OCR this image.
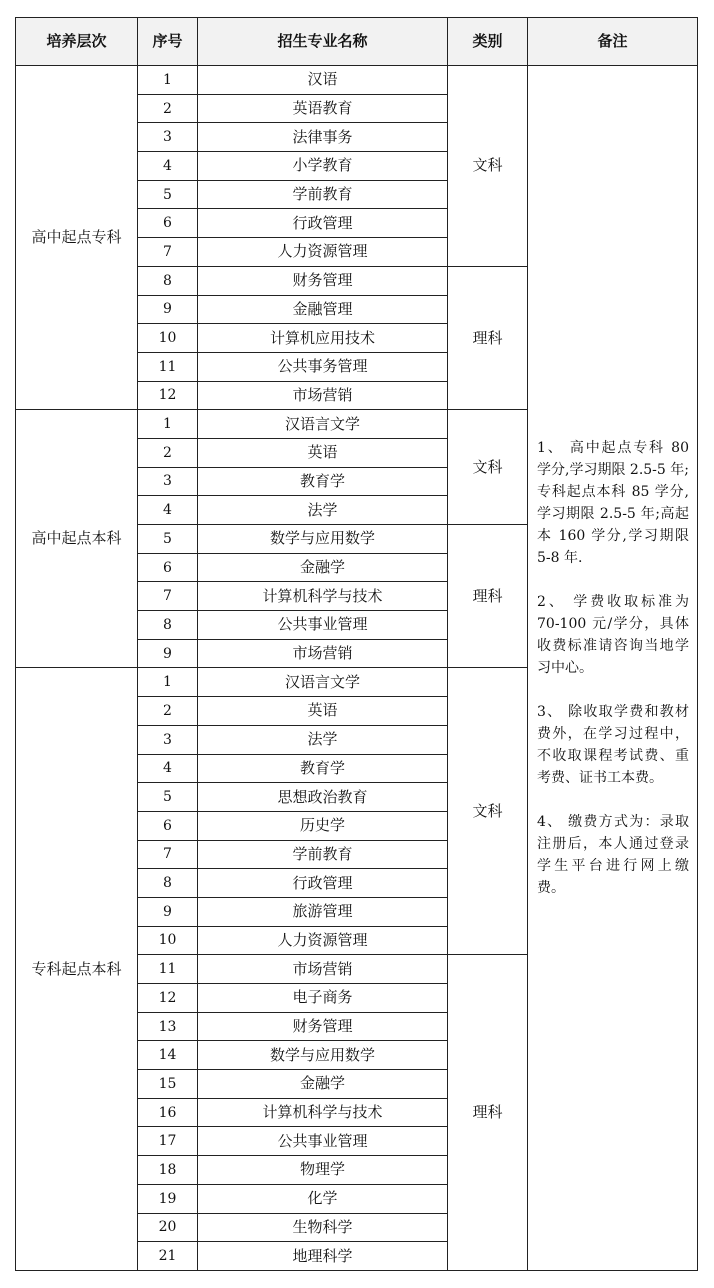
培养层次	序号	招生专业名称	类别	备注
高中起点专科	1	汉语	文科	1、 高中起点专科 80 学分,学习期限 2.5-5 年;专科起点本科 85 学分,学习期限 2.5-5 年;高起本 160 学分,学习期限 5-8 年.

2、 学费收取标准为 70-100 元/学分，具体收费标准请咨询当地学习中心。

3、 除收取学费和教材费外，在学习过程中，不收取课程考试费、重考费、证书工本费。

4、 缴费方式为：录取注册后，本人通过登录学生平台进行网上缴费。

	2	英语教育		
	3	法律事务		
	4	小学教育		
	5	学前教育		
	6	行政管理		
	7	人力资源管理		
	8	财务管理	理科	
	9	金融管理		
	10	计算机应用技术		
	11	公共事务管理		
	12	市场营销		
高中起点本科	1	汉语言文学	文科	
	2	英语		
	3	教育学		
	4	法学		
	5	数学与应用数学	理科	
	6	金融学		
	7	计算机科学与技术		
	8	公共事业管理		
	9	市场营销		
专科起点本科	1	汉语言文学	文科	
	2	英语		
	3	法学		
	4	教育学		
	5	思想政治教育		
	6	历史学		
	7	学前教育		
	8	行政管理		
	9	旅游管理		
	10	人力资源管理		
	11	市场营销	理科	
	12	电子商务		
	13	财务管理		
	14	数学与应用数学		
	15	金融学		
	16	计算机科学与技术		
	17	公共事业管理		
	18	物理学		
	19	化学		
	20	生物科学		
	21	地理科学		
